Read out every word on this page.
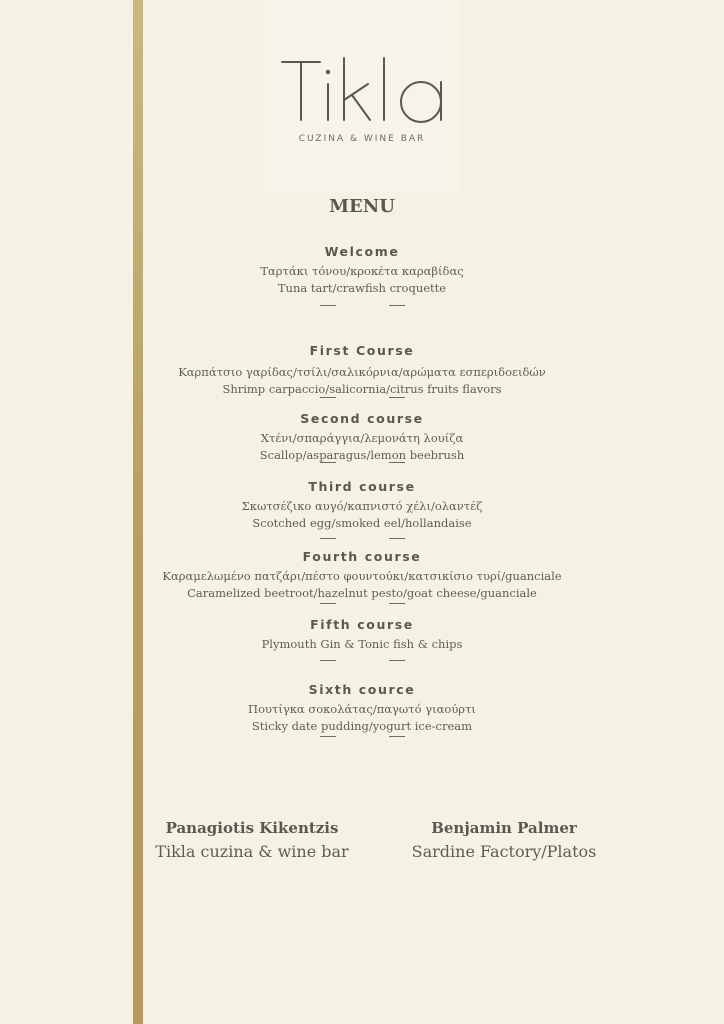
CUZINA & WINE BAR
MENU
Welcome
Ταρτάκι τόνου/κροκέτα καραβίδας
Tuna tart/crawfish croquette
First Course
Καρπάτσιο γαρίδας/τσίλι/σαλικόρνια/αρώματα εσπεριδοειδών
Shrimp carpaccio/salicornia/citrus fruits flavors
Second course
Χτένι/σπαράγγια/λεμονάτη λουίζα
Scallop/asparagus/lemon beebrush
Third course
Σκωτσέζικο αυγό/καπνιστό χέλι/ολαντέζ
Scotched egg/smoked eel/hollandaise
Fourth course
Καραμελωμένο πατζάρι/πέστο φουντούκι/κατσικίσιο τυρί/guanciale
Caramelized beetroot/hazelnut pesto/goat cheese/guanciale
Fifth course
Plymouth Gin & Tonic fish & chips
Sixth cource
Πουτίγκα σοκολάτας/παγωτό γιαούρτι
Sticky date pudding/yogurt ice-cream
Panagiotis Kikentzis
Tikla cuzina & wine bar
Benjamin Palmer
Sardine Factory/Platos
